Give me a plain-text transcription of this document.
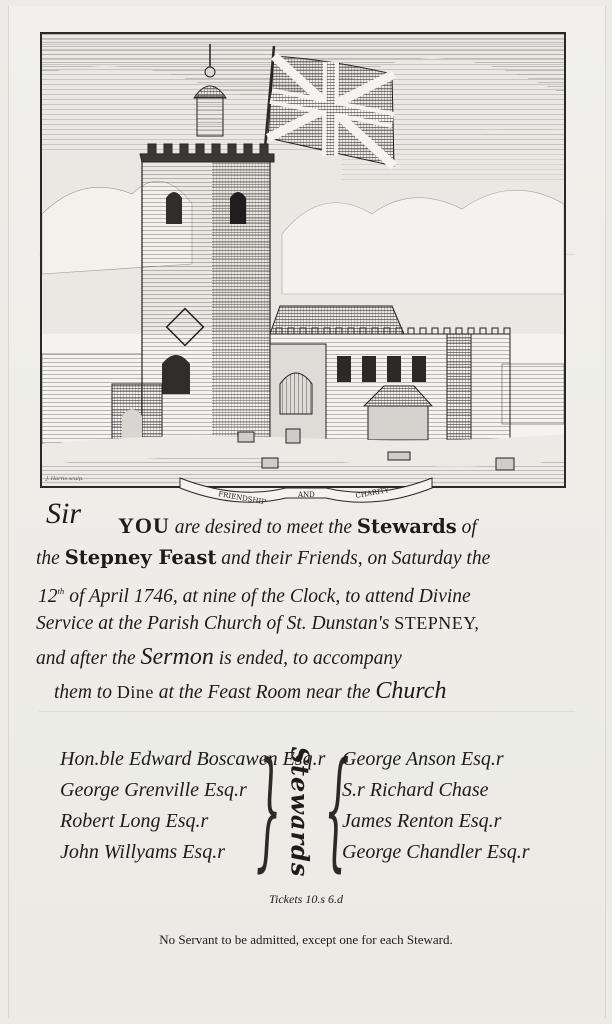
J. Harris sculp.
FRIENDSHIP	AND	CHARITY
Sir YOU are desired to meet the Stewards of
the Stepney Feast and their Friends, on Saturday the
12th of April 1746, at nine of the Clock, to attend Divine
Service at the Parish Church of St. Dunstan's STEPNEY,
and after the Sermon is ended, to accompany
them to Dine at the Feast Room near the Church
Hon.ble Edward Boscawen Esq.r
George Grenville Esq.r
Robert Long Esq.r
John Willyams Esq.r } Stewards {
George Anson Esq.r
S.r Richard Chase
James Renton Esq.r
George Chandler Esq.r
Tickets 10.s 6.d
No Servant to be admitted, except one for each Steward.
